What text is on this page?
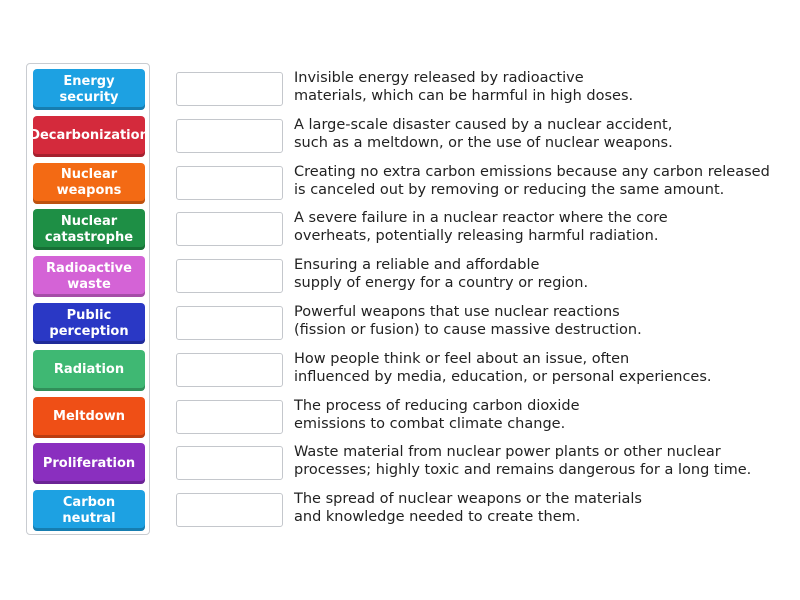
Energy security
Decarbonization
Nuclear weapons
Nuclear catastrophe
Radioactive waste
Public perception
Radiation
Meltdown
Proliferation
Carbon neutral
Invisible energy released by radioactive
materials, which can be harmful in high doses.
A large-scale disaster caused by a nuclear accident,
such as a meltdown, or the use of nuclear weapons.
Creating no extra carbon emissions because any carbon released
is canceled out by removing or reducing the same amount.
A severe failure in a nuclear reactor where the core
overheats, potentially releasing harmful radiation.
Ensuring a reliable and affordable
supply of energy for a country or region.
Powerful weapons that use nuclear reactions
(fission or fusion) to cause massive destruction.
How people think or feel about an issue, often
influenced by media, education, or personal experiences.
The process of reducing carbon dioxide
emissions to combat climate change.
Waste material from nuclear power plants or other nuclear
processes; highly toxic and remains dangerous for a long time.
The spread of nuclear weapons or the materials
and knowledge needed to create them.
